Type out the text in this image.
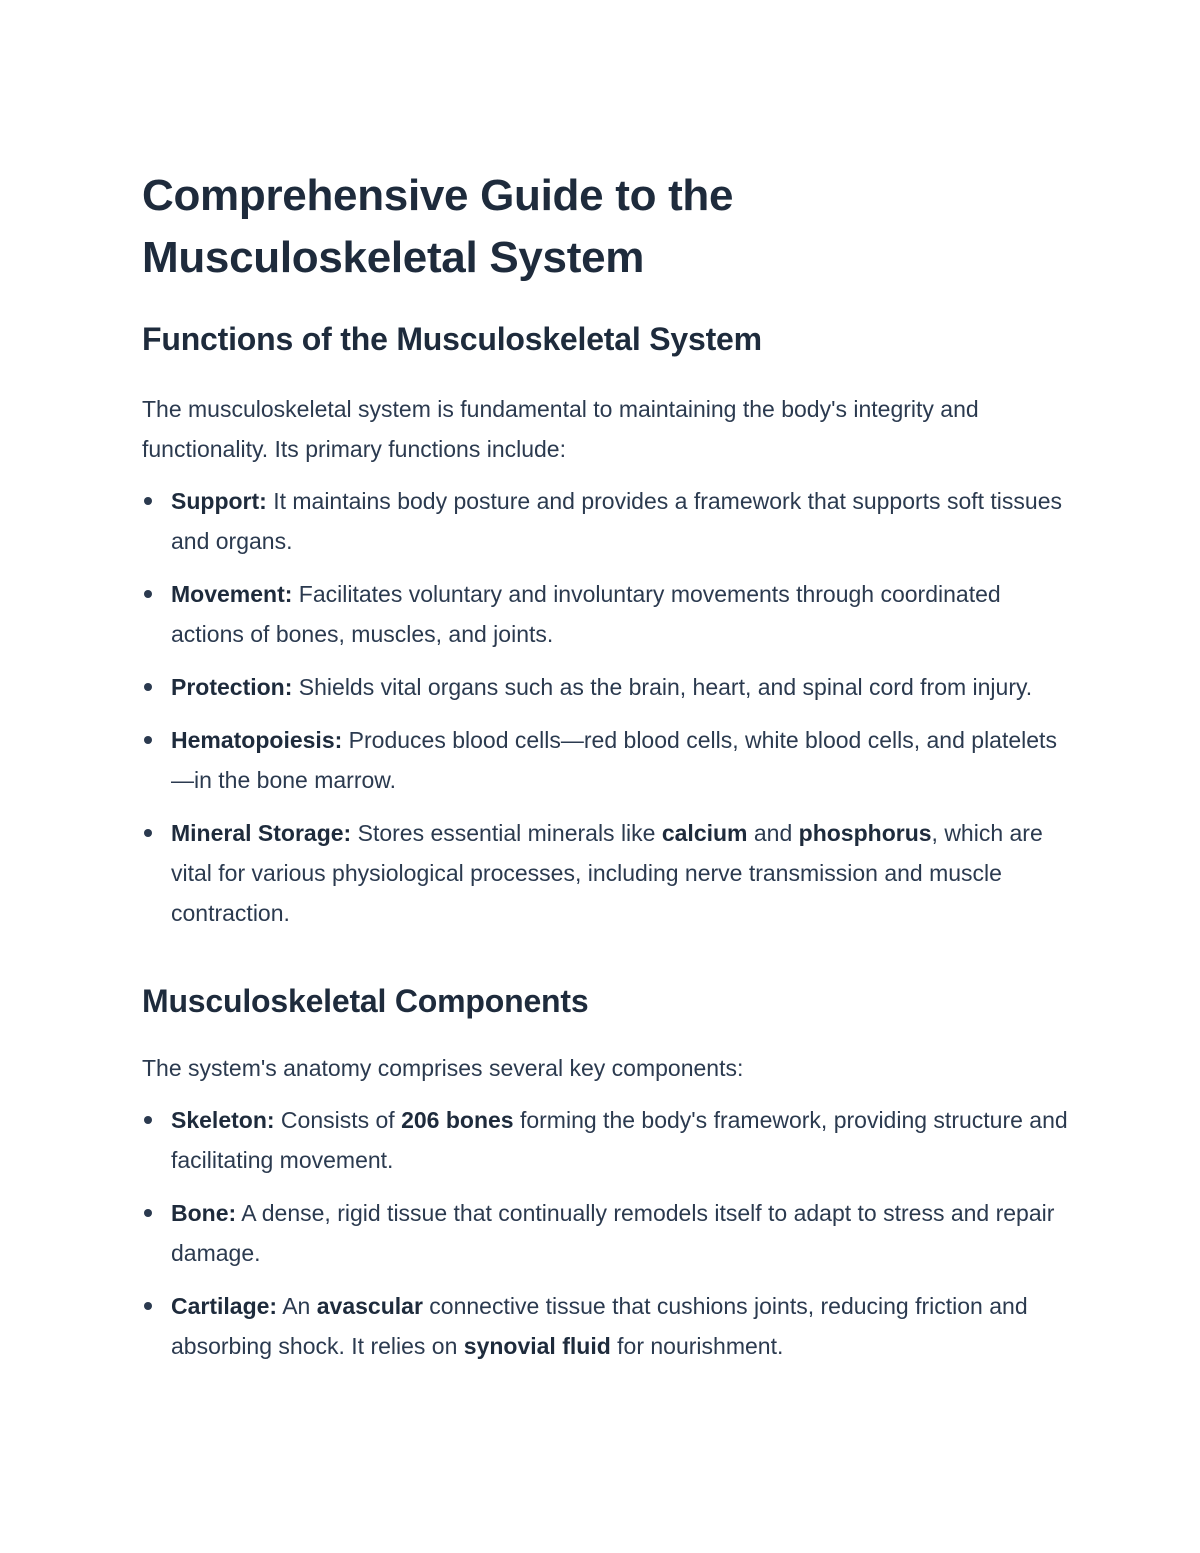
Comprehensive Guide to the Musculoskeletal System
Functions of the Musculoskeletal System

The musculoskeletal system is fundamental to maintaining the body's integrity and functionality. Its primary functions include:

Support: It maintains body posture and provides a framework that supports soft tissues and organs.
Movement: Facilitates voluntary and involuntary movements through coordinated actions of bones, muscles, and joints.
Protection: Shields vital organs such as the brain, heart, and spinal cord from injury.
Hematopoiesis: Produces blood cells—red blood cells, white blood cells, and platelets—in the bone marrow.
Mineral Storage: Stores essential minerals like calcium and phosphorus, which are vital for various physiological processes, including nerve transmission and muscle contraction.
Musculoskeletal Components

The system's anatomy comprises several key components:

Skeleton: Consists of 206 bones forming the body's framework, providing structure and facilitating movement.
Bone: A dense, rigid tissue that continually remodels itself to adapt to stress and repair damage.
Cartilage: An avascular connective tissue that cushions joints, reducing friction and absorbing shock. It relies on synovial fluid for nourishment.
